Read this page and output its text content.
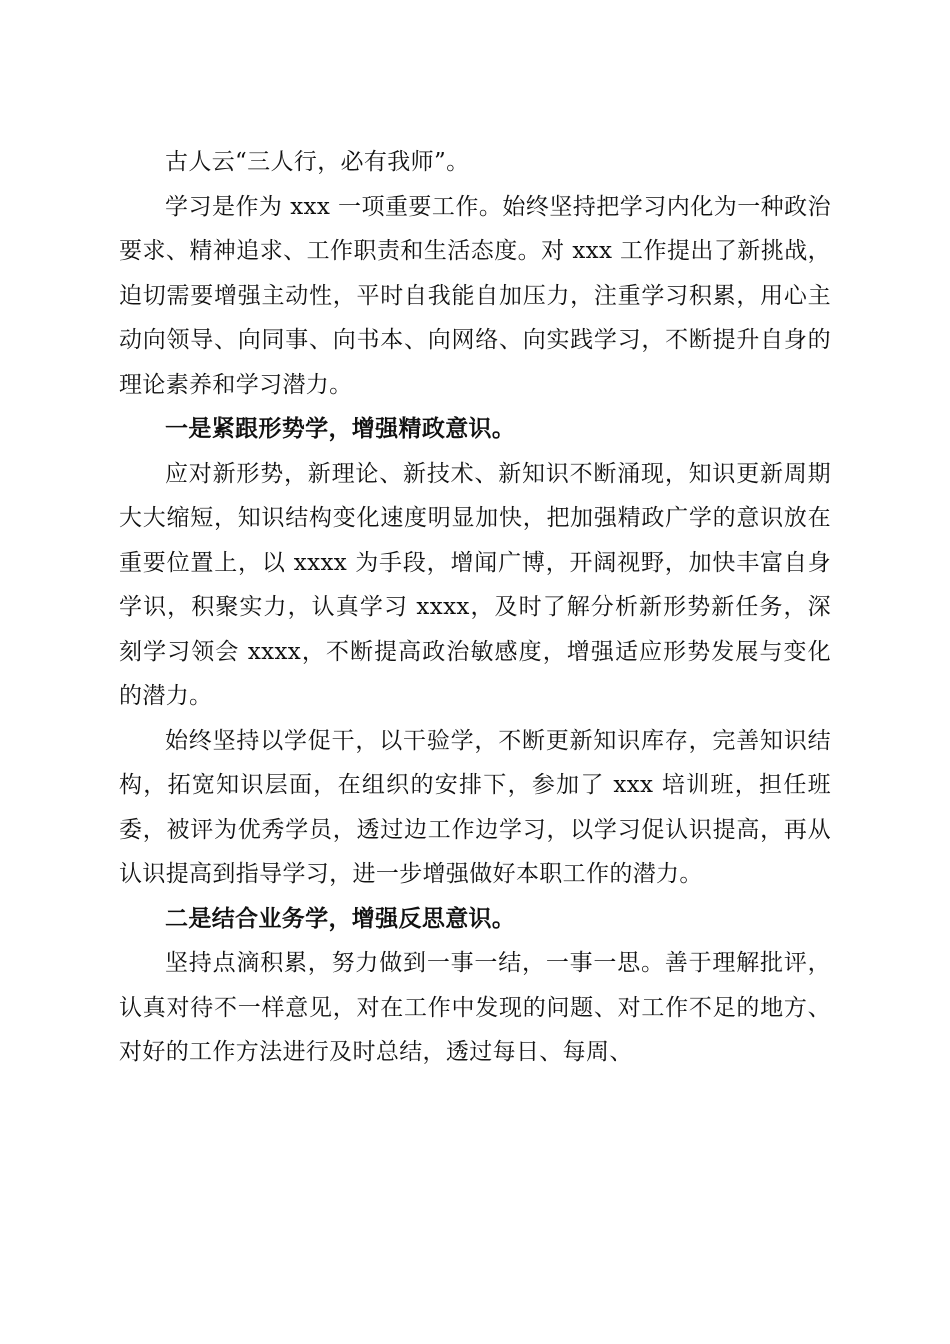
古人云“三人行，必有我师”。

学习是作为 xxx 一项重要工作。始终坚持把学习内化为一种政治要求、精神追求、工作职责和生活态度。对 xxx 工作提出了新挑战，迫切需要增强主动性，平时自我能自加压力，注重学习积累，用心主动向领导、向同事、向书本、向网络、向实践学习，不断提升自身的理论素养和学习潜力。

一是紧跟形势学，增强精政意识。

应对新形势，新理论、新技术、新知识不断涌现，知识更新周期大大缩短，知识结构变化速度明显加快，把加强精政广学的意识放在重要位置上，以 xxxx 为手段，增闻广博，开阔视野，加快丰富自身学识，积聚实力，认真学习 xxxx，及时了解分析新形势新任务，深刻学习领会 xxxx，不断提高政治敏感度，增强适应形势发展与变化的潜力。

始终坚持以学促干，以干验学，不断更新知识库存，完善知识结构，拓宽知识层面，在组织的安排下，参加了 xxx 培训班，担任班委，被评为优秀学员，透过边工作边学习，以学习促认识提高，再从认识提高到指导学习，进一步增强做好本职工作的潜力。

二是结合业务学，增强反思意识。

坚持点滴积累，努力做到一事一结，一事一思。善于理解批评，认真对待不一样意见，对在工作中发现的问题、对工作不足的地方、对好的工作方法进行及时总结，透过每日、每周、
